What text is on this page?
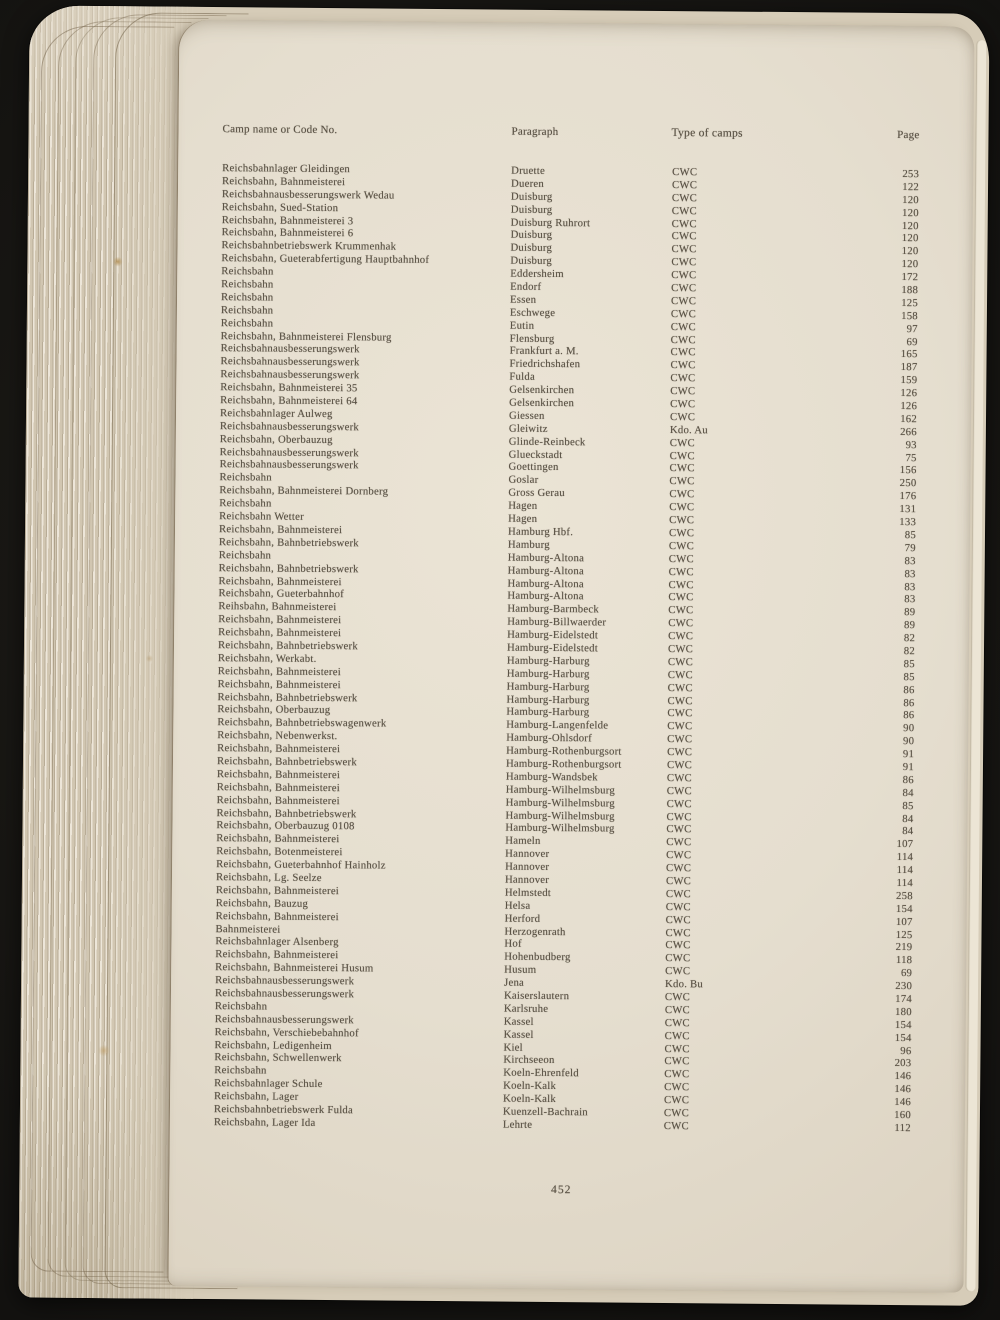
Camp name or Code No.	Paragraph	Type of camps	Page
Reichsbahnlager Gleidingen	Druette	CWC	253
Reichsbahn, Bahnmeisterei	Dueren	CWC	122
Reichsbahnausbesserungswerk Wedau	Duisburg	CWC	120
Reichsbahn, Sued-Station	Duisburg	CWC	120
Reichsbahn, Bahnmeisterei 3	Duisburg Ruhrort	CWC	120
Reichsbahn, Bahnmeisterei 6	Duisburg	CWC	120
Reichsbahnbetriebswerk Krummenhak	Duisburg	CWC	120
Reichsbahn, Gueterabfertigung Hauptbahnhof	Duisburg	CWC	120
Reichsbahn	Eddersheim	CWC	172
Reichsbahn	Endorf	CWC	188
Reichsbahn	Essen	CWC	125
Reichsbahn	Eschwege	CWC	158
Reichsbahn	Eutin	CWC	97
Reichsbahn, Bahnmeisterei Flensburg	Flensburg	CWC	69
Reichsbahnausbesserungswerk	Frankfurt a. M.	CWC	165
Reichsbahnausbesserungswerk	Friedrichshafen	CWC	187
Reichsbahnausbesserungswerk	Fulda	CWC	159
Reichsbahn, Bahnmeisterei 35	Gelsenkirchen	CWC	126
Reichsbahn, Bahnmeisterei 64	Gelsenkirchen	CWC	126
Reichsbahnlager Aulweg	Giessen	CWC	162
Reichsbahnausbesserungswerk	Gleiwitz	Kdo. Au	266
Reichsbahn, Oberbauzug	Glinde-Reinbeck	CWC	93
Reichsbahnausbesserungswerk	Glueckstadt	CWC	75
Reichsbahnausbesserungswerk	Goettingen	CWC	156
Reichsbahn	Goslar	CWC	250
Reichsbahn, Bahnmeisterei Dornberg	Gross Gerau	CWC	176
Reichsbahn	Hagen	CWC	131
Reichsbahn Wetter	Hagen	CWC	133
Reichsbahn, Bahnmeisterei	Hamburg Hbf.	CWC	85
Reichsbahn, Bahnbetriebswerk	Hamburg	CWC	79
Reichsbahn	Hamburg-Altona	CWC	83
Reichsbahn, Bahnbetriebswerk	Hamburg-Altona	CWC	83
Reichsbahn, Bahnmeisterei	Hamburg-Altona	CWC	83
Reichsbahn, Gueterbahnhof	Hamburg-Altona	CWC	83
Reihsbahn, Bahnmeisterei	Hamburg-Barmbeck	CWC	89
Reichsbahn, Bahnmeisterei	Hamburg-Billwaerder	CWC	89
Reichsbahn, Bahnmeisterei	Hamburg-Eidelstedt	CWC	82
Reichsbahn, Bahnbetriebswerk	Hamburg-Eidelstedt	CWC	82
Reichsbahn, Werkabt.	Hamburg-Harburg	CWC	85
Reichsbahn, Bahnmeisterei	Hamburg-Harburg	CWC	85
Reichsbahn, Bahnmeisterei	Hamburg-Harburg	CWC	86
Reichsbahn, Bahnbetriebswerk	Hamburg-Harburg	CWC	86
Reichsbahn, Oberbauzug	Hamburg-Harburg	CWC	86
Reichsbahn, Bahnbetriebswagenwerk	Hamburg-Langenfelde	CWC	90
Reichsbahn, Nebenwerkst.	Hamburg-Ohlsdorf	CWC	90
Reichsbahn, Bahnmeisterei	Hamburg-Rothenburgsort	CWC	91
Reichsbahn, Bahnbetriebswerk	Hamburg-Rothenburgsort	CWC	91
Reichsbahn, Bahnmeisterei	Hamburg-Wandsbek	CWC	86
Reichsbahn, Bahnmeisterei	Hamburg-Wilhelmsburg	CWC	84
Reichsbahn, Bahnmeisterei	Hamburg-Wilhelmsburg	CWC	85
Reichsbahn, Bahnbetriebswerk	Hamburg-Wilhelmsburg	CWC	84
Reichsbahn, Oberbauzug 0108	Hamburg-Wilhelmsburg	CWC	84
Reichsbahn, Bahnmeisterei	Hameln	CWC	107
Reichsbahn, Botenmeisterei	Hannover	CWC	114
Reichsbahn, Gueterbahnhof Hainholz	Hannover	CWC	114
Reichsbahn, Lg. Seelze	Hannover	CWC	114
Reichsbahn, Bahnmeisterei	Helmstedt	CWC	258
Reichsbahn, Bauzug	Helsa	CWC	154
Reichsbahn, Bahnmeisterei	Herford	CWC	107
Bahnmeisterei	Herzogenrath	CWC	125
Reichsbahnlager Alsenberg	Hof	CWC	219
Reichsbahn, Bahnmeisterei	Hohenbudberg	CWC	118
Reichsbahn, Bahnmeisterei Husum	Husum	CWC	69
Reichsbahnausbesserungswerk	Jena	Kdo. Bu	230
Reichsbahnausbesserungswerk	Kaiserslautern	CWC	174
Reichsbahn	Karlsruhe	CWC	180
Reichsbahnausbesserungswerk	Kassel	CWC	154
Reichsbahn, Verschiebebahnhof	Kassel	CWC	154
Reichsbahn, Ledigenheim	Kiel	CWC	96
Reichsbahn, Schwellenwerk	Kirchseeon	CWC	203
Reichsbahn	Koeln-Ehrenfeld	CWC	146
Reichsbahnlager Schule	Koeln-Kalk	CWC	146
Reichsbahn, Lager	Koeln-Kalk	CWC	146
Reichsbahnbetriebswerk Fulda	Kuenzell-Bachrain	CWC	160
Reichsbahn, Lager Ida	Lehrte	CWC	112
452
